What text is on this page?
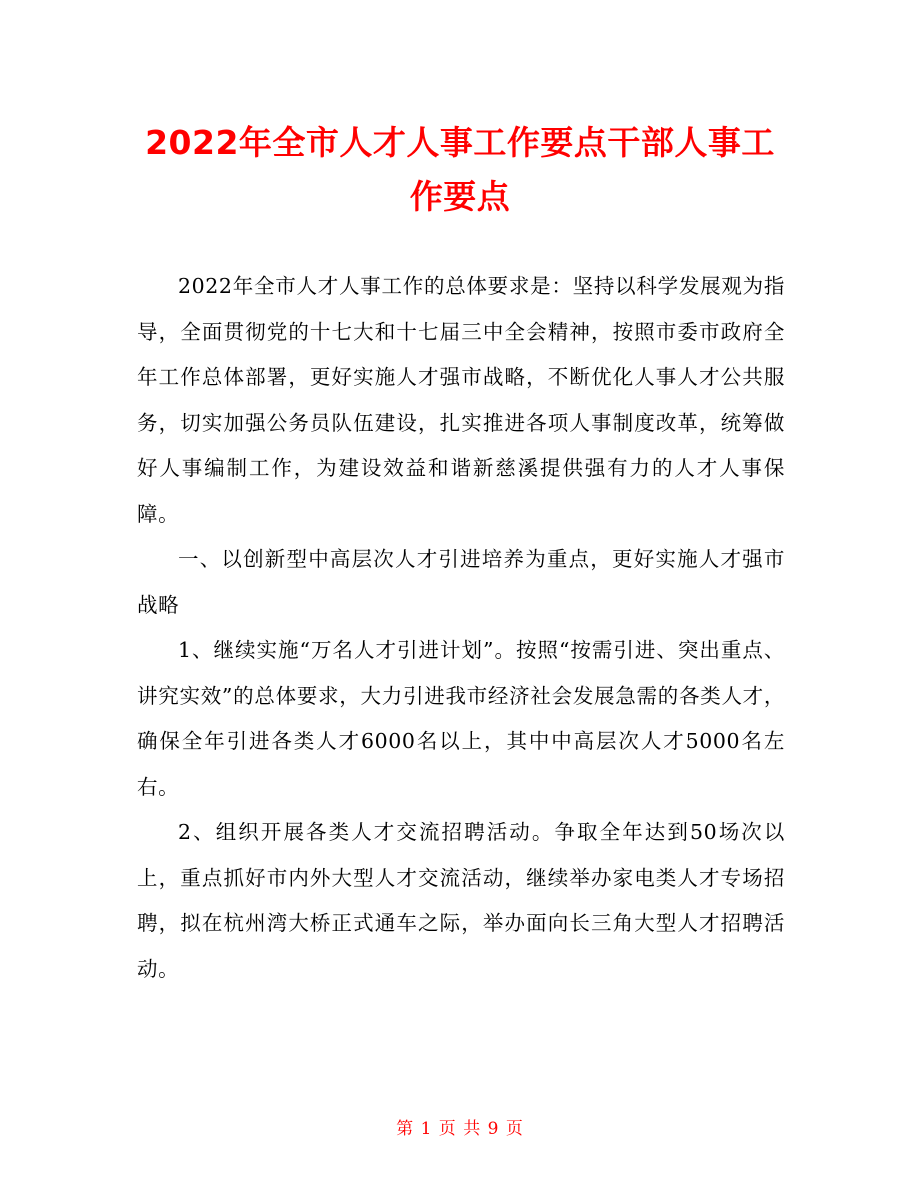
2022年全市人才人事工作要点干部人事工作要点

2022年全市人才人事工作的总体要求是：坚持以科学发展观为指导，全面贯彻党的十七大和十七届三中全会精神，按照市委市政府全年工作总体部署，更好实施人才强市战略，不断优化人事人才公共服务，切实加强公务员队伍建设，扎实推进各项人事制度改革，统筹做好人事编制工作，为建设效益和谐新慈溪提供强有力的人才人事保障。

一、以创新型中高层次人才引进培养为重点，更好实施人才强市战略

1、继续实施“万名人才引进计划”。按照“按需引进、突出重点、讲究实效”的总体要求，大力引进我市经济社会发展急需的各类人才，确保全年引进各类人才6000名以上，其中中高层次人才5000名左右。

2、组织开展各类人才交流招聘活动。争取全年达到50场次以上，重点抓好市内外大型人才交流活动，继续举办家电类人才专场招聘，拟在杭州湾大桥正式通车之际，举办面向长三角大型人才招聘活动。

第 1 页 共 9 页
